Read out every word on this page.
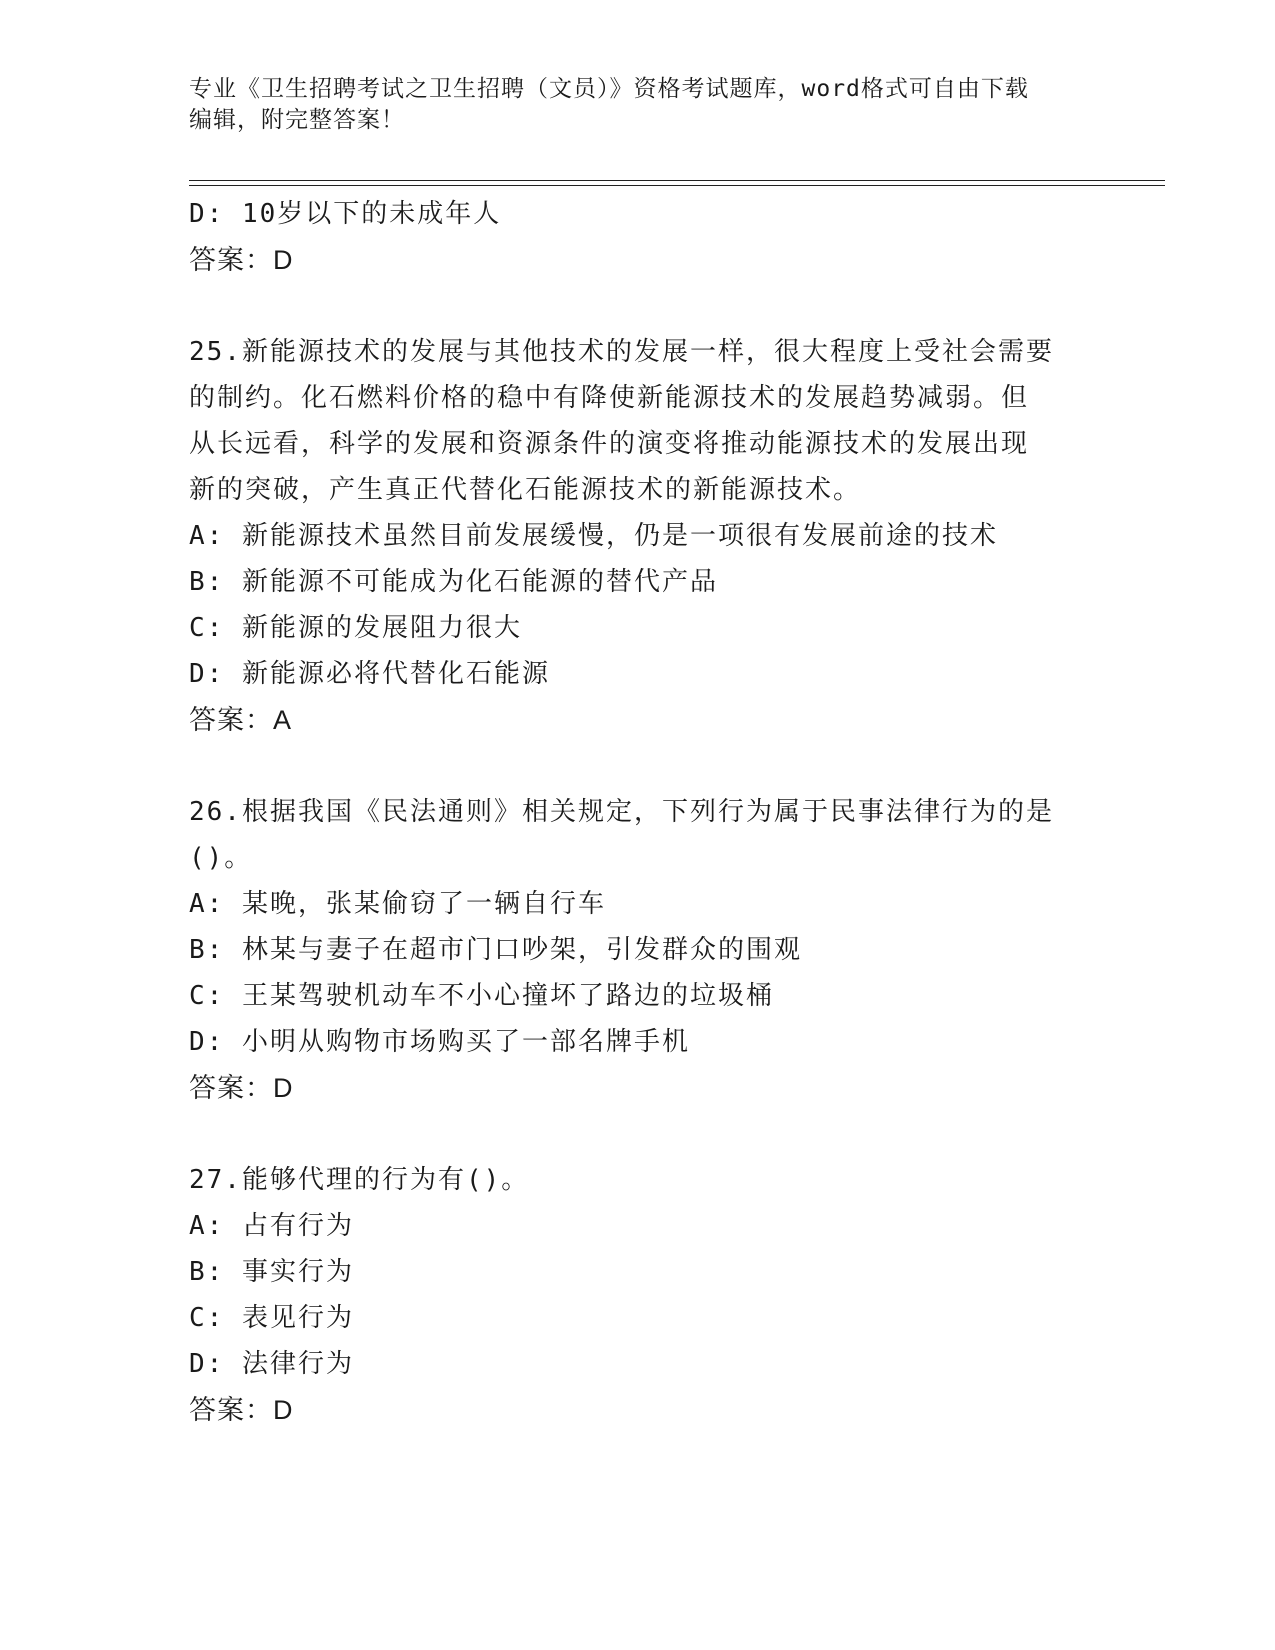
专业《卫生招聘考试之卫生招聘（文员）》资格考试题库，word格式可自由下载
编辑，附完整答案！
D: 10岁以下的未成年人
答案：D
25.新能源技术的发展与其他技术的发展一样，很大程度上受社会需要
的制约。化石燃料价格的稳中有降使新能源技术的发展趋势减弱。但
从长远看，科学的发展和资源条件的演变将推动能源技术的发展出现
新的突破，产生真正代替化石能源技术的新能源技术。
A: 新能源技术虽然目前发展缓慢，仍是一项很有发展前途的技术
B: 新能源不可能成为化石能源的替代产品
C: 新能源的发展阻力很大
D: 新能源必将代替化石能源
答案：A
26.根据我国《民法通则》相关规定，下列行为属于民事法律行为的是
()。
A: 某晚，张某偷窃了一辆自行车
B: 林某与妻子在超市门口吵架，引发群众的围观
C: 王某驾驶机动车不小心撞坏了路边的垃圾桶
D: 小明从购物市场购买了一部名牌手机
答案：D
27.能够代理的行为有()。
A: 占有行为
B: 事实行为
C: 表见行为
D: 法律行为
答案：D
